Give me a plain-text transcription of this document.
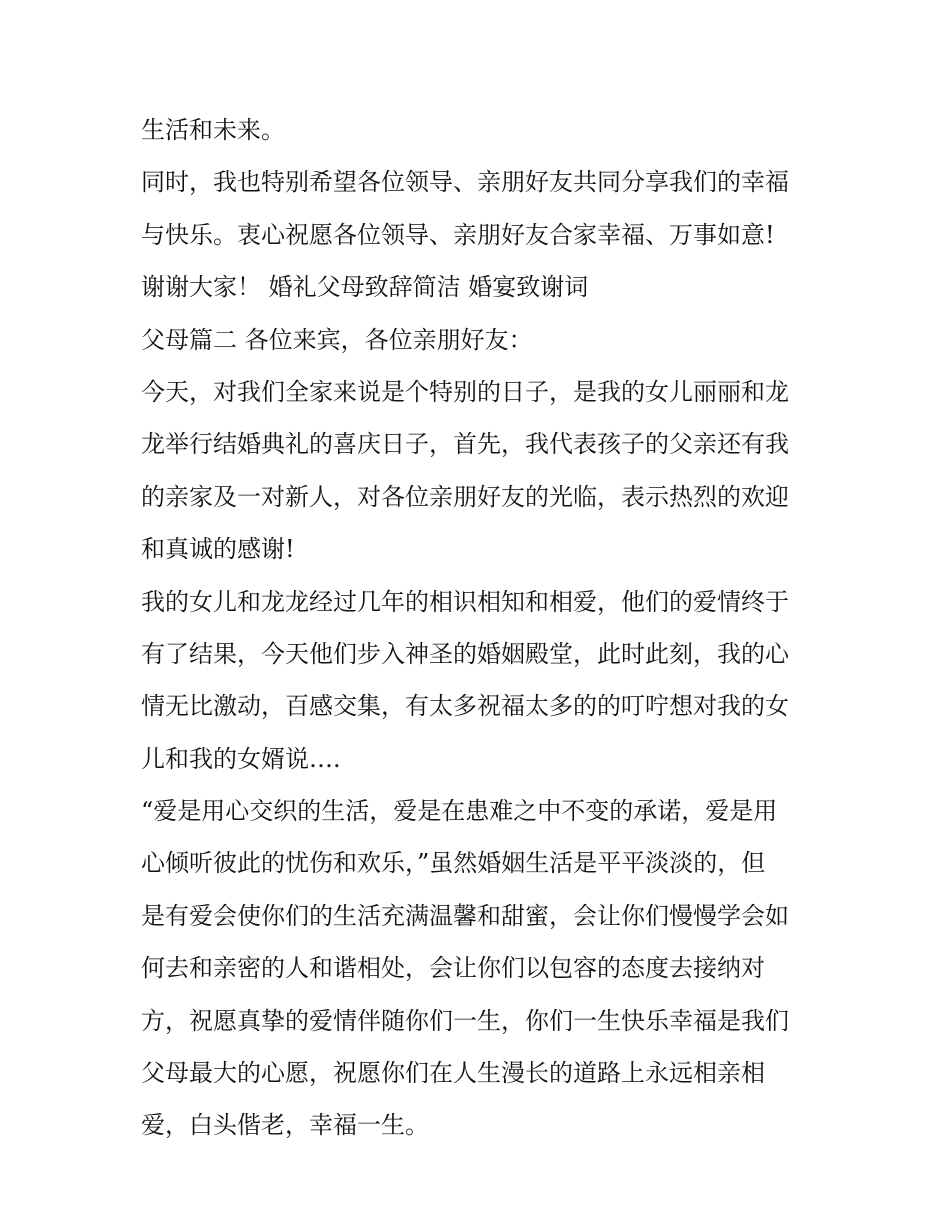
生活和未来。
同时，我也特别希望各位领导、亲朋好友共同分享我们的幸福
与快乐。衷心祝愿各位领导、亲朋好友合家幸福、万事如意!
谢谢大家！ 婚礼父母致辞简洁 婚宴致谢词
父母篇二 各位来宾，各位亲朋好友：
今天，对我们全家来说是个特别的日子，是我的女儿丽丽和龙
龙举行结婚典礼的喜庆日子，首先，我代表孩子的父亲还有我
的亲家及一对新人，对各位亲朋好友的光临，表示热烈的欢迎
和真诚的感谢!
我的女儿和龙龙经过几年的相识相知和相爱，他们的爱情终于
有了结果，今天他们步入神圣的婚姻殿堂，此时此刻，我的心
情无比激动，百感交集，有太多祝福太多的的叮咛想对我的女
儿和我的女婿说….
“爱是用心交织的生活，爱是在患难之中不变的承诺，爱是用
心倾听彼此的忧伤和欢乐，”虽然婚姻生活是平平淡淡的，但
是有爱会使你们的生活充满温馨和甜蜜，会让你们慢慢学会如
何去和亲密的人和谐相处，会让你们以包容的态度去接纳对
方，祝愿真挚的爱情伴随你们一生，你们一生快乐幸福是我们
父母最大的心愿，祝愿你们在人生漫长的道路上永远相亲相
爱，白头偕老，幸福一生。
